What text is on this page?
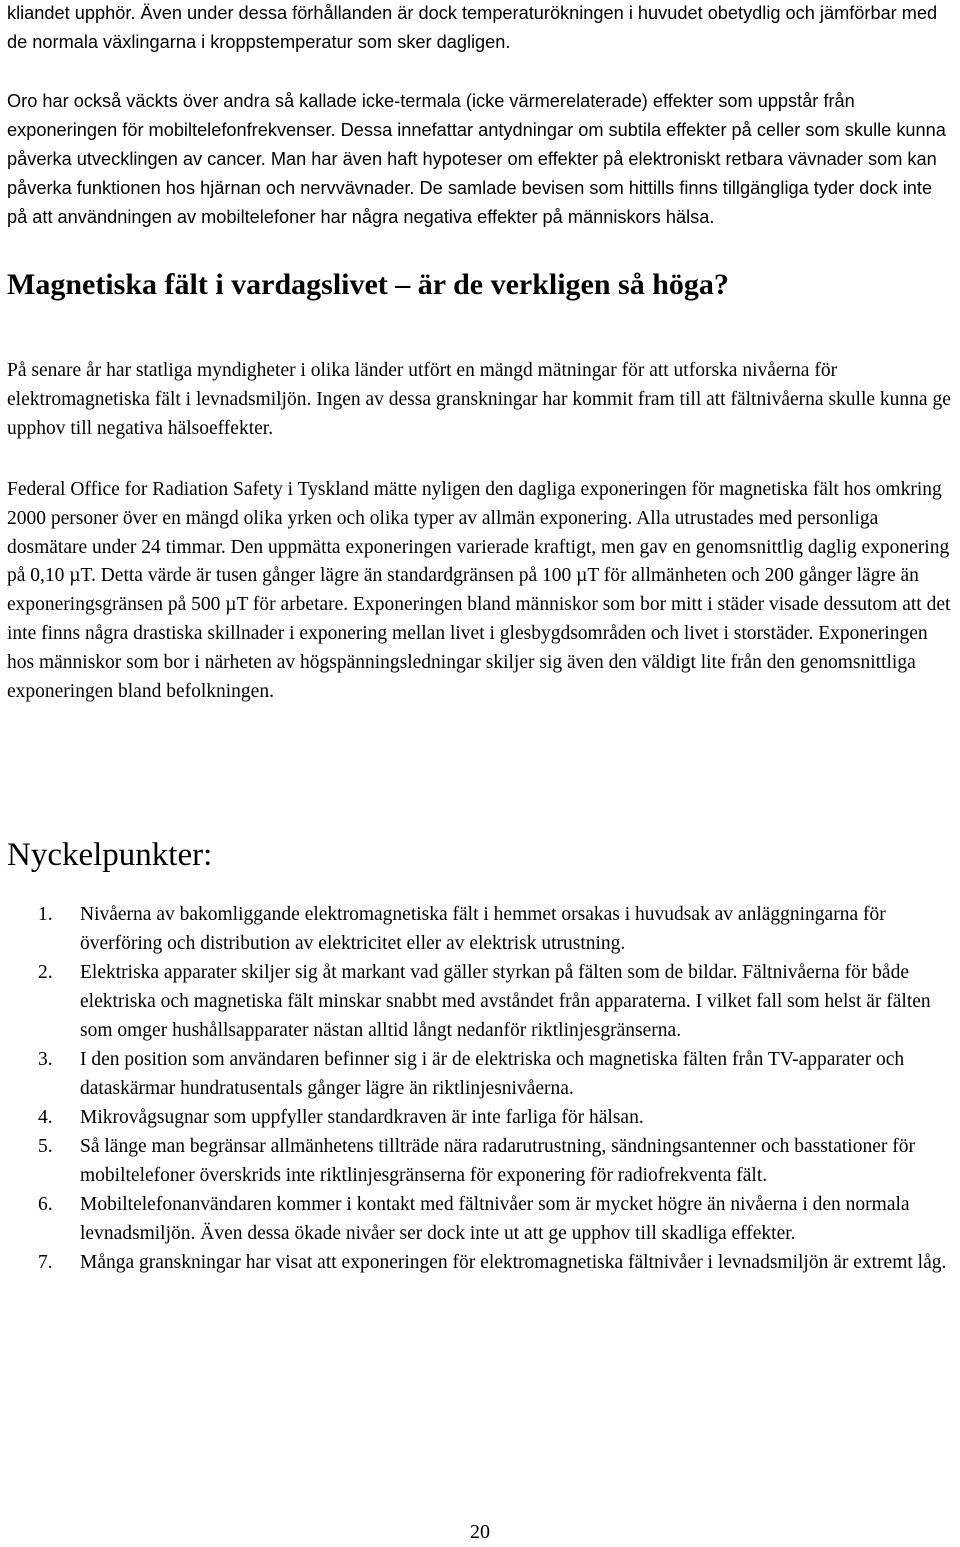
kliandet upphör. Även under dessa förhållanden är dock temperaturökningen i huvudet obetydlig och jämförbar med de normala växlingarna i kroppstemperatur som sker dagligen.

Oro har också väckts över andra så kallade icke-termala (icke värmerelaterade) effekter som uppstår från exponeringen för mobiltelefonfrekvenser. Dessa innefattar antydningar om subtila effekter på celler som skulle kunna påverka utvecklingen av cancer. Man har även haft hypoteser om effekter på elektroniskt retbara vävnader som kan påverka funktionen hos hjärnan och nervvävnader. De samlade bevisen som hittills finns tillgängliga tyder dock inte på att användningen av mobiltelefoner har några negativa effekter på människors hälsa.

Magnetiska fält i vardagslivet – är de verkligen så höga?

På senare år har statliga myndigheter i olika länder utfört en mängd mätningar för att utforska nivåerna för elektromagnetiska fält i levnadsmiljön. Ingen av dessa granskningar har kommit fram till att fältnivåerna skulle kunna ge upphov till negativa hälsoeffekter.

Federal Office for Radiation Safety i Tyskland mätte nyligen den dagliga exponeringen för magnetiska fält hos omkring 2000 personer över en mängd olika yrken och olika typer av allmän exponering. Alla utrustades med personliga dosmätare under 24 timmar. Den uppmätta exponeringen varierade kraftigt, men gav en genomsnittlig daglig exponering på 0,10 µT. Detta värde är tusen gånger lägre än standardgränsen på 100 µT för allmänheten och 200 gånger lägre än exponeringsgränsen på 500 µT för arbetare. Exponeringen bland människor som bor mitt i städer visade dessutom att det inte finns några drastiska skillnader i exponering mellan livet i glesbygdsområden och livet i storstäder. Exponeringen hos människor som bor i närheten av högspänningsledningar skiljer sig även den väldigt lite från den genomsnittliga exponeringen bland befolkningen.

Nyckelpunkter:
1. Nivåerna av bakomliggande elektromagnetiska fält i hemmet orsakas i huvudsak av anläggningarna för överföring och distribution av elektricitet eller av elektrisk utrustning.
2. Elektriska apparater skiljer sig åt markant vad gäller styrkan på fälten som de bildar. Fältnivåerna för både elektriska och magnetiska fält minskar snabbt med avståndet från apparaterna. I vilket fall som helst är fälten som omger hushållsapparater nästan alltid långt nedanför riktlinjesgränserna.
3. I den position som användaren befinner sig i är de elektriska och magnetiska fälten från TV-apparater och dataskärmar hundratusentals gånger lägre än riktlinjesnivåerna.
4. Mikrovågsugnar som uppfyller standardkraven är inte farliga för hälsan.
5. Så länge man begränsar allmänhetens tillträde nära radarutrustning, sändningsantenner och basstationer för mobiltelefoner överskrids inte riktlinjesgränserna för exponering för radiofrekventa fält.
6. Mobiltelefonanvändaren kommer i kontakt med fältnivåer som är mycket högre än nivåerna i den normala levnadsmiljön. Även dessa ökade nivåer ser dock inte ut att ge upphov till skadliga effekter.
7. Många granskningar har visat att exponeringen för elektromagnetiska fältnivåer i levnadsmiljön är extremt låg.
20
